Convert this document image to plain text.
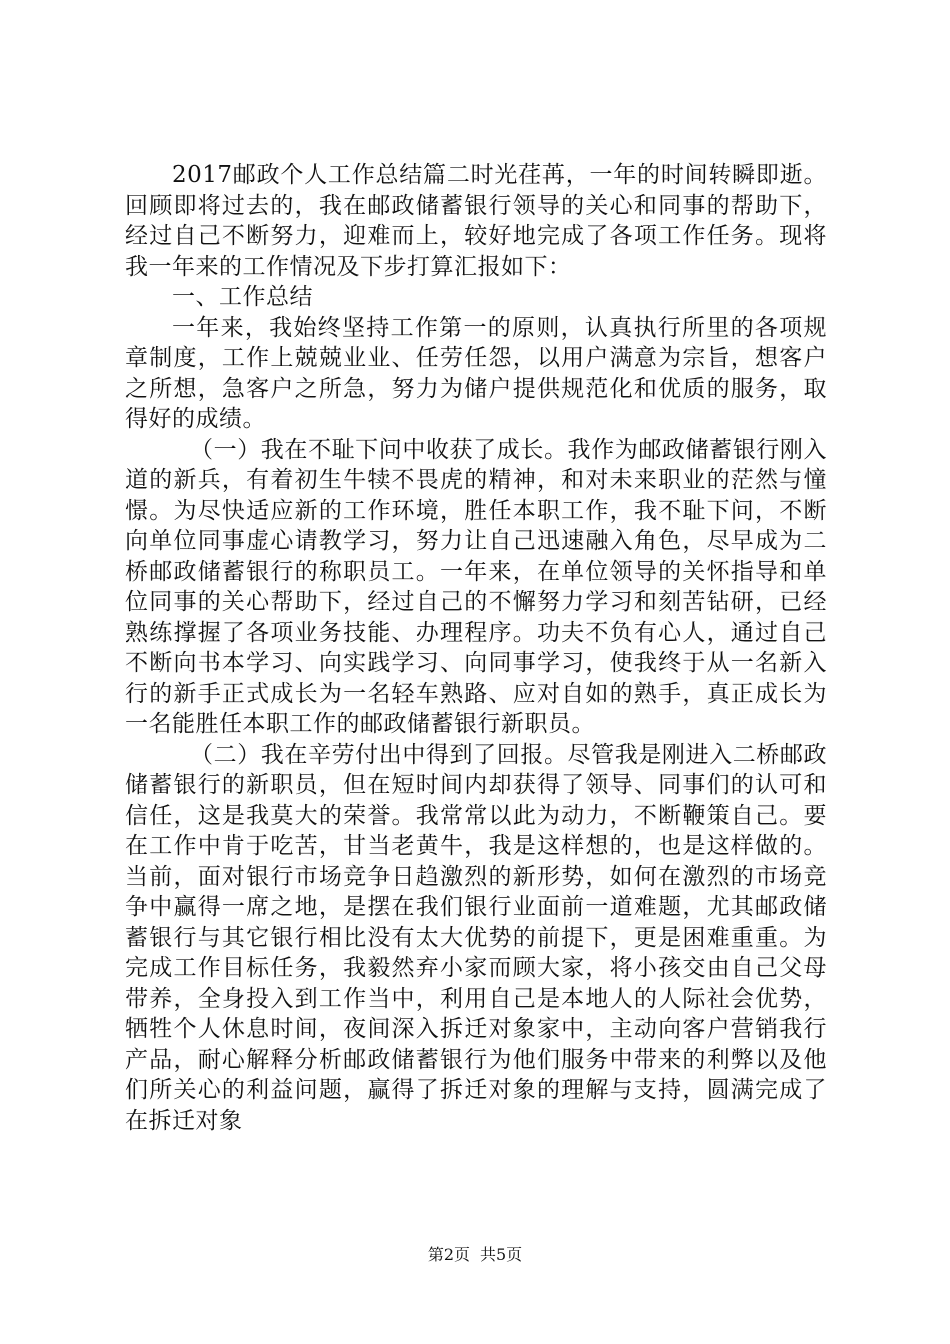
2017邮政个人工作总结篇二时光荏苒，一年的时间转瞬即逝。回顾即将过去的，我在邮政储蓄银行领导的关心和同事的帮助下，经过自己不断努力，迎难而上，较好地完成了各项工作任务。现将我一年来的工作情况及下步打算汇报如下：

一、工作总结

一年来，我始终坚持工作第一的原则，认真执行所里的各项规章制度，工作上兢兢业业、任劳任怨，以用户满意为宗旨，想客户之所想，急客户之所急，努力为储户提供规范化和优质的服务，取得好的成绩。

（一）我在不耻下问中收获了成长。我作为邮政储蓄银行刚入道的新兵，有着初生牛犊不畏虎的精神，和对未来职业的茫然与憧憬。为尽快适应新的工作环境，胜任本职工作，我不耻下问，不断向单位同事虚心请教学习，努力让自己迅速融入角色，尽早成为二桥邮政储蓄银行的称职员工。一年来，在单位领导的关怀指导和单位同事的关心帮助下，经过自己的不懈努力学习和刻苦钻研，已经熟练撑握了各项业务技能、办理程序。功夫不负有心人，通过自己不断向书本学习、向实践学习、向同事学习，使我终于从一名新入行的新手正式成长为一名轻车熟路、应对自如的熟手，真正成长为一名能胜任本职工作的邮政储蓄银行新职员。

（二）我在辛劳付出中得到了回报。尽管我是刚进入二桥邮政储蓄银行的新职员，但在短时间内却获得了领导、同事们的认可和信任，这是我莫大的荣誉。我常常以此为动力，不断鞭策自己。要在工作中肯于吃苦，甘当老黄牛，我是这样想的，也是这样做的。当前，面对银行市场竞争日趋激烈的新形势，如何在激烈的市场竞争中赢得一席之地，是摆在我们银行业面前一道难题，尤其邮政储蓄银行与其它银行相比没有太大优势的前提下，更是困难重重。为完成工作目标任务，我毅然弃小家而顾大家，将小孩交由自己父母带养，全身投入到工作当中，利用自己是本地人的人际社会优势，牺牲个人休息时间，夜间深入拆迁对象家中，主动向客户营销我行产品，耐心解释分析邮政储蓄银行为他们服务中带来的利弊以及他们所关心的利益问题，赢得了拆迁对象的理解与支持，圆满完成了在拆迁对象

第2页 共5页
